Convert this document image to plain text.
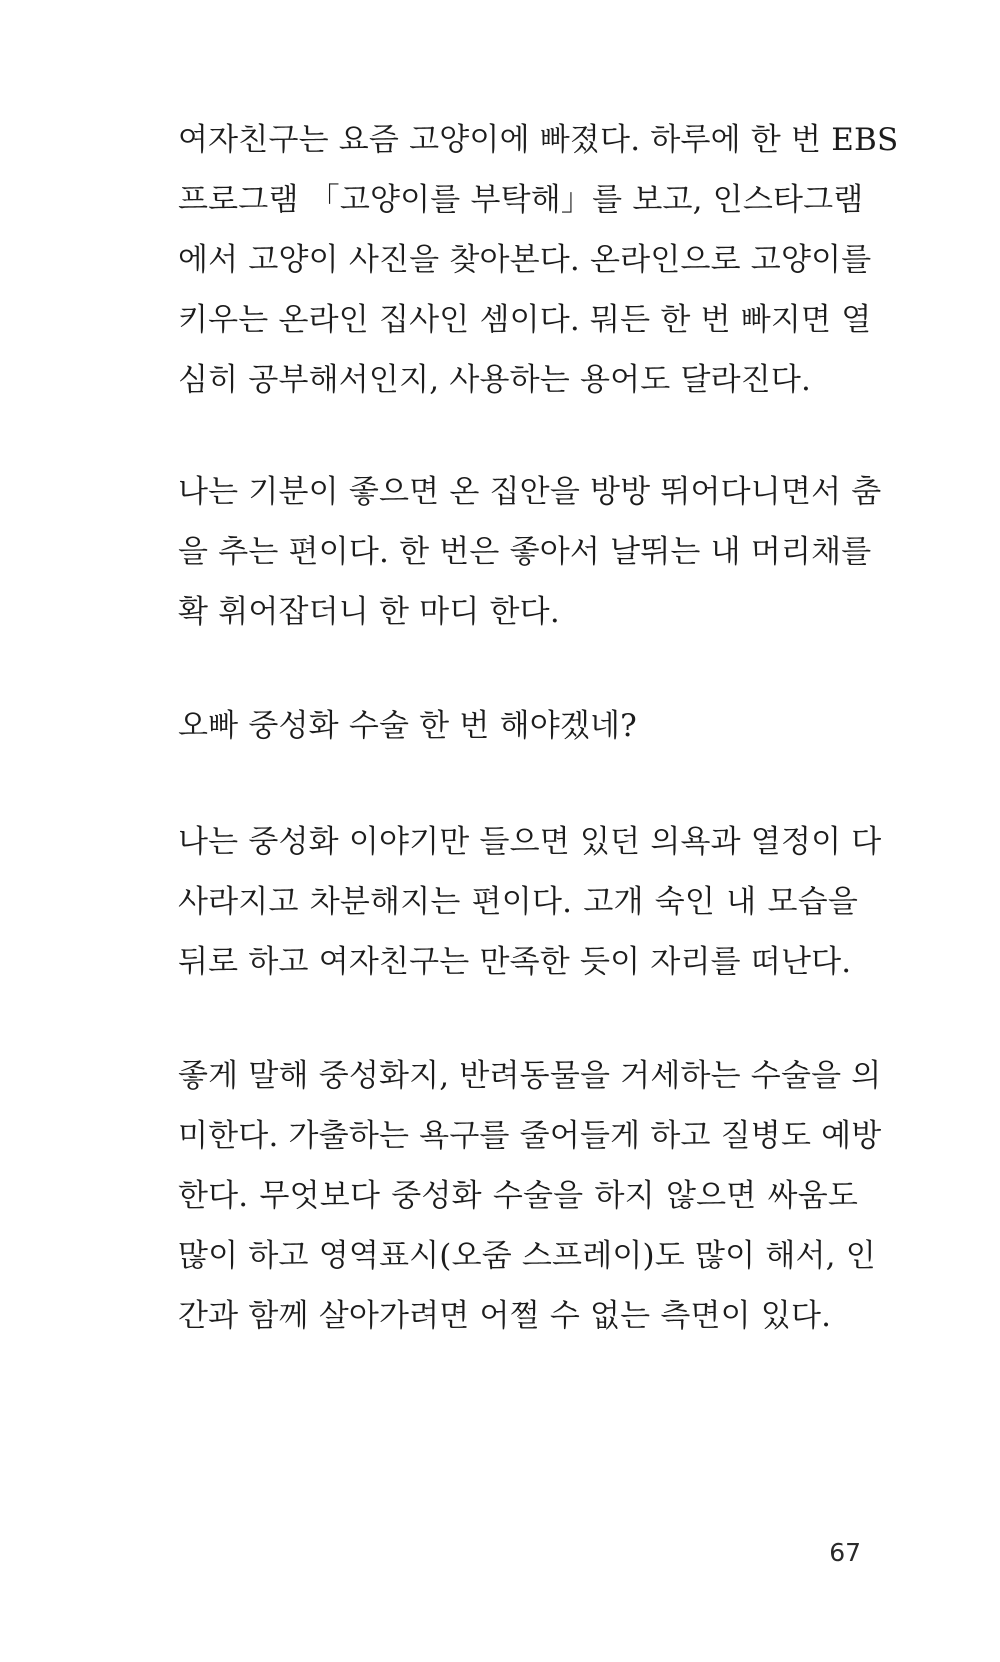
여자친구는 요즘 고양이에 빠졌다. 하루에 한 번 EBS
프로그램 「고양이를 부탁해」를 보고, 인스타그램
에서 고양이 사진을 찾아본다. 온라인으로 고양이를
키우는 온라인 집사인 셈이다. 뭐든 한 번 빠지면 열
심히 공부해서인지, 사용하는 용어도 달라진다.
나는 기분이 좋으면 온 집안을 방방 뛰어다니면서 춤
을 추는 편이다. 한 번은 좋아서 날뛰는 내 머리채를
확 휘어잡더니 한 마디 한다.
오빠 중성화 수술 한 번 해야겠네?
나는 중성화 이야기만 들으면 있던 의욕과 열정이 다
사라지고 차분해지는 편이다. 고개 숙인 내 모습을
뒤로 하고 여자친구는 만족한 듯이 자리를 떠난다.
좋게 말해 중성화지, 반려동물을 거세하는 수술을 의
미한다. 가출하는 욕구를 줄어들게 하고 질병도 예방
한다. 무엇보다 중성화 수술을 하지 않으면 싸움도
많이 하고 영역표시(오줌 스프레이)도 많이 해서, 인
간과 함께 살아가려면 어쩔 수 없는 측면이 있다.
67
